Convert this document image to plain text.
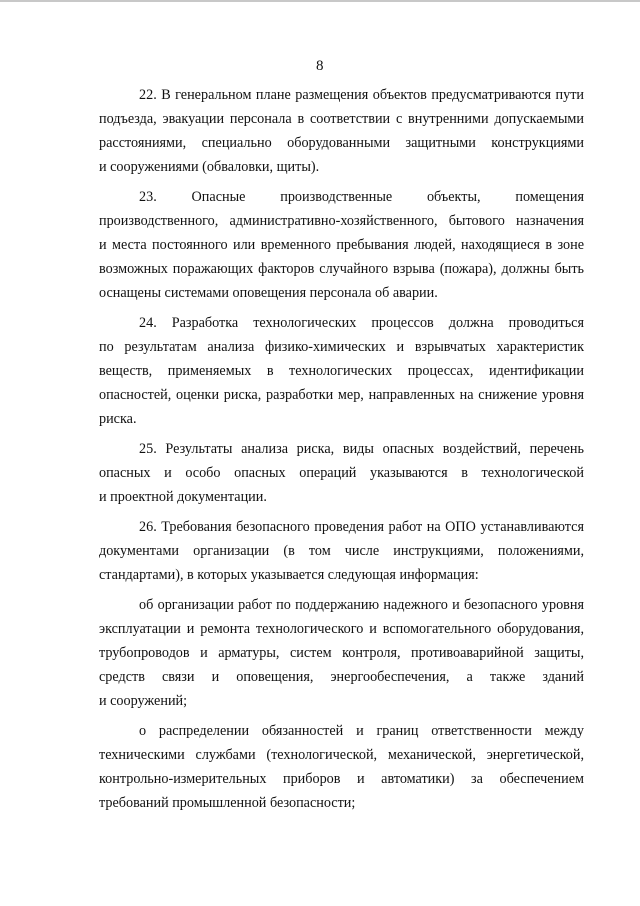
8
22. В генеральном плане размещения объектов предусматриваются пути
подъезда, эвакуации персонала в соответствии с внутренними допускаемыми
расстояниями, специально оборудованными защитными конструкциями
и сооружениями (обваловки, щиты).
23. Опасные производственные объекты, помещения
производственного, административно-хозяйственного, бытового назначения
и места постоянного или временного пребывания людей, находящиеся в зоне
возможных поражающих факторов случайного взрыва (пожара), должны быть
оснащены системами оповещения персонала об аварии.
24. Разработка технологических процессов должна проводиться
по результатам анализа физико-химических и взрывчатых характеристик
веществ, применяемых в технологических процессах, идентификации
опасностей, оценки риска, разработки мер, направленных на снижение уровня
риска.
25. Результаты анализа риска, виды опасных воздействий, перечень
опасных и особо опасных операций указываются в технологической
и проектной документации.
26. Требования безопасного проведения работ на ОПО устанавливаются
документами организации (в том числе инструкциями, положениями,
стандартами), в которых указывается следующая информация:
об организации работ по поддержанию надежного и безопасного уровня
эксплуатации и ремонта технологического и вспомогательного оборудования,
трубопроводов и арматуры, систем контроля, противоаварийной защиты,
средств связи и оповещения, энергообеспечения, а также зданий
и сооружений;
о распределении обязанностей и границ ответственности между
техническими службами (технологической, механической, энергетической,
контрольно-измерительных приборов и автоматики) за обеспечением
требований промышленной безопасности;
